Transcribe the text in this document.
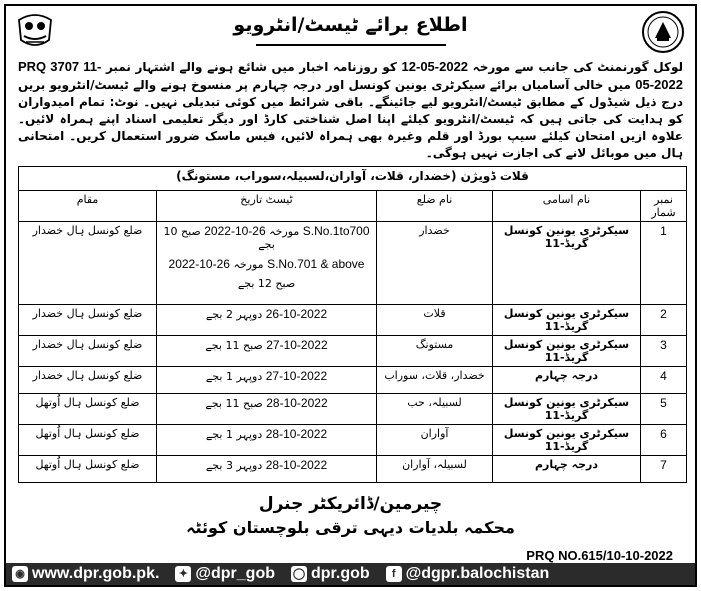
اطلاع برائے ٹیسٹ/انٹرویو
لوکل گورنمنٹ کی جانب سے مورخہ 12-05-2022 کو روزنامہ اخبار میں شائع ہونے والے اشتہار نمبر PRQ 3707 11-05-2022 میں خالی آسامیاں برائے سیکرٹری یونین کونسل اور درجہ چہارم پر منسوخ ہونے والے ٹیسٹ/انٹرویو بریں درج ذیل شیڈول کے مطابق ٹیسٹ/انٹرویو لیے جائینگے۔ باقی شرائط میں کوئی تبدیلی نہیں۔ نوٹ: تمام امیدواران کو ہدایت کی جاتی ہیں کہ ٹیسٹ/انٹرویو کیلئے اپنا اصل شناختی کارڈ اور دیگر تعلیمی اسناد اپنے ہمراہ لائیں۔ علاوہ ازیں امتحان کیلئے سیپ بورڈ اور قلم وغیرہ بھی ہمراہ لائیں، فیس ماسک ضرور استعمال کریں۔ امتحانی ہال میں موبائل لانے کی اجازت نہیں ہوگی۔
قلات ڈویژن (خضدار، قلات، آواران،لسبیلہ،سوراب، مستونگ)				
نمبر شمار	نام اسامی	نام ضلع	ٹیسٹ تاریخ	مقام
1	سیکرٹری یونین کونسل گریڈ-11	خضدار	S.No.1to700 مورخہ 26-10-2022 صبح 10 بجے
S.No.701 & above مورخہ 26-10-2022
صبح 12 بجے	ضلع کونسل ہال خضدار
2	سیکرٹری یونین کونسل گریڈ-11	قلات	26-10-2022 دوپہر 2 بجے	ضلع کونسل ہال خضدار
3	سیکرٹری یونین کونسل گریڈ-11	مستونگ	27-10-2022 صبح 11 بجے	ضلع کونسل ہال خضدار
4	درجہ چہارم	خضدار، قلات، سوراب	27-10-2022 دوپہر 1 بجے	ضلع کونسل ہال خضدار
5	سیکرٹری یونین کونسل گریڈ-11	لسبیلہ، حب	28-10-2022 صبح 11 بجے	ضلع کونسل ہال اُوتھل
6	سیکرٹری یونین کونسل گریڈ-11	آواران	28-10-2022 دوپہر 1 بجے	ضلع کونسل ہال اُوتھل
7	درجہ چہارم	لسبیلہ، آواران	28-10-2022 دوپہر 3 بجے	ضلع کونسل ہال اُوتھل
چیرمین/ڈائریکٹر جنرل
محکمہ بلدیات دیہی ترقی بلوچستان کوئٹہ
PRQ NO.615/10-10-2022
◉ www.dpr.gob.pk.	✦ @dpr_gob ◯ dpr.gob	f @dgpr.balochistan
